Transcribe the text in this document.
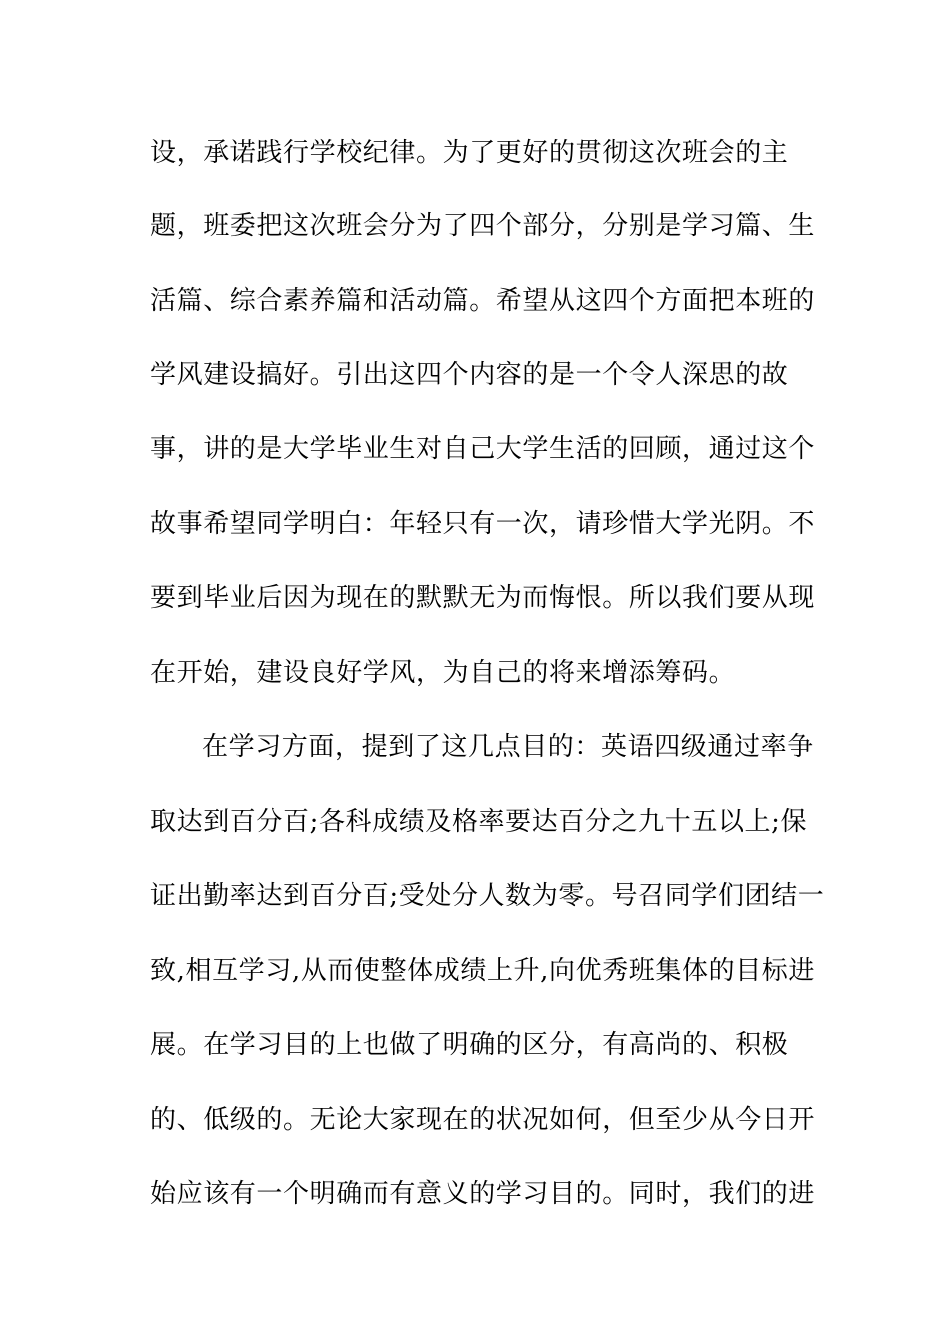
设，承诺践行学校纪律。为了更好的贯彻这次班会的主
题，班委把这次班会分为了四个部分，分别是学习篇、生
活篇、综合素养篇和活动篇。希望从这四个方面把本班的
学风建设搞好。引出这四个内容的是一个令人深思的故
事，讲的是大学毕业生对自己大学生活的回顾，通过这个
故事希望同学明白：年轻只有一次，请珍惜大学光阴。不
要到毕业后因为现在的默默无为而悔恨。所以我们要从现
在开始，建设良好学风，为自己的将来增添筹码。
在学习方面，提到了这几点目的：英语四级通过率争
取达到百分百;各科成绩及格率要达百分之九十五以上;保
证出勤率达到百分百;受处分人数为零。号召同学们团结一
致,相互学习,从而使整体成绩上升,向优秀班集体的目标进
展。在学习目的上也做了明确的区分，有高尚的、积极
的、低级的。无论大家现在的状况如何，但至少从今日开
始应该有一个明确而有意义的学习目的。同时，我们的进
